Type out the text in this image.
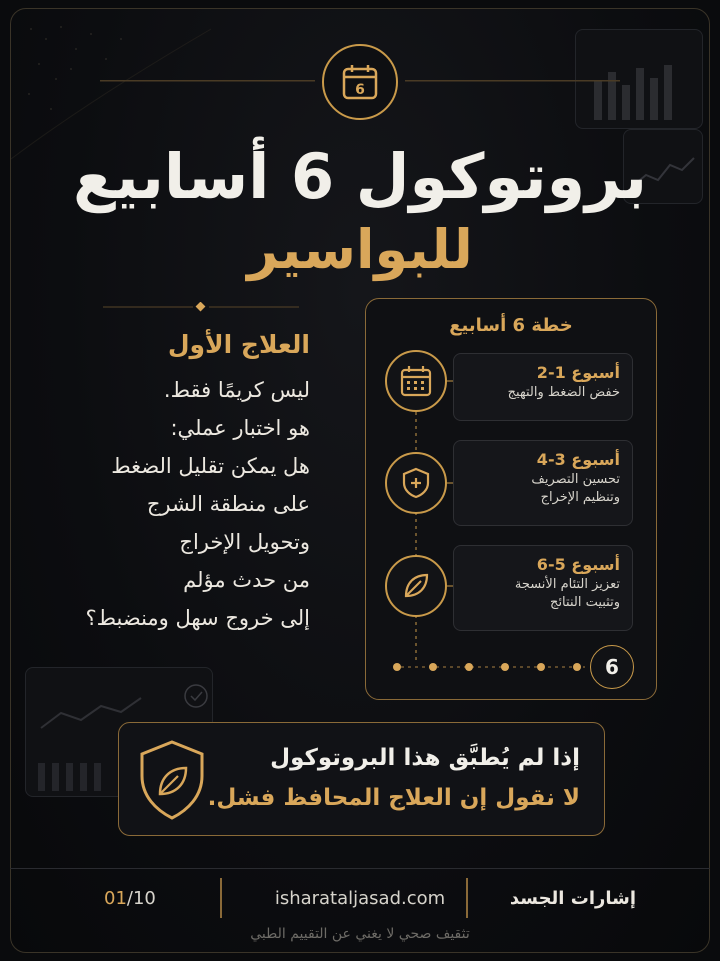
6
بروتوكول 6 أسابيع
للبواسير
العلاج الأول
ليس كريمًا فقط.
هو اختبار عملي:
هل يمكن تقليل الضغط
على منطقة الشرج
وتحويل الإخراج
من حدث مؤلم
إلى خروج سهل ومنضبط؟
خطة 6 أسابيع
أسبوع 1-2
خفض الضغط والتهيج
أسبوع 3-4
تحسين التصريف
وتنظيم الإخراج
أسبوع 5-6
تعزيز التئام الأنسجة
وتثبيت النتائج
6
إذا لم يُطبَّق هذا البروتوكول
لا نقول إن العلاج المحافظ فشل.
إشارات الجسد
isharataljasad.com
01 /10
تثقيف صحي لا يغني عن التقييم الطبي
